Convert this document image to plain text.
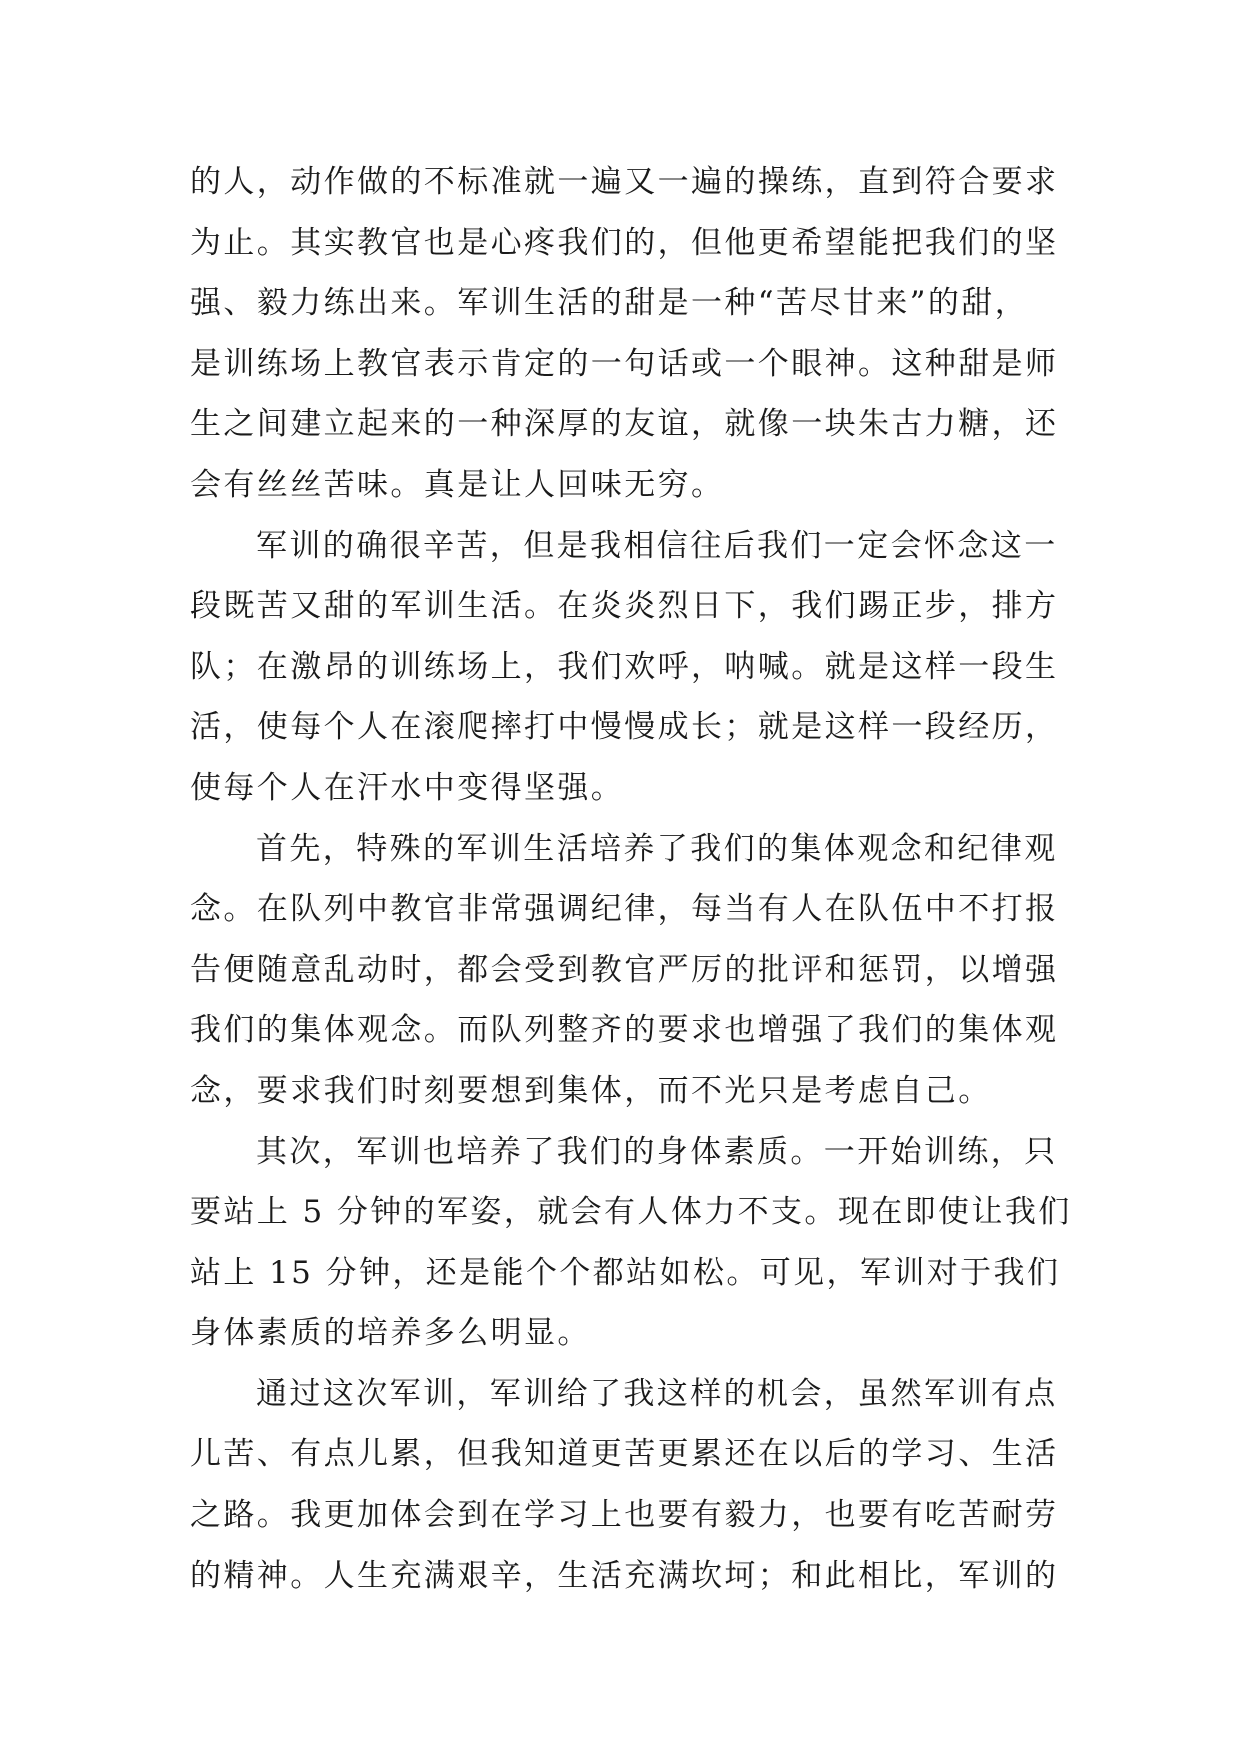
的人，动作做的不标准就一遍又一遍的操练，直到符合要求
为止。其实教官也是心疼我们的，但他更希望能把我们的坚
强、毅力练出来。军训生活的甜是一种“苦尽甘来”的甜，
是训练场上教官表示肯定的一句话或一个眼神。这种甜是师
生之间建立起来的一种深厚的友谊，就像一块朱古力糖，还
会有丝丝苦味。真是让人回味无穷。
军训的确很辛苦，但是我相信往后我们一定会怀念这一
段既苦又甜的军训生活。在炎炎烈日下，我们踢正步，排方
队；在激昂的训练场上，我们欢呼，呐喊。就是这样一段生
活，使每个人在滚爬摔打中慢慢成长；就是这样一段经历，
使每个人在汗水中变得坚强。
首先，特殊的军训生活培养了我们的集体观念和纪律观
念。在队列中教官非常强调纪律，每当有人在队伍中不打报
告便随意乱动时，都会受到教官严厉的批评和惩罚，以增强
我们的集体观念。而队列整齐的要求也增强了我们的集体观
念，要求我们时刻要想到集体，而不光只是考虑自己。
其次，军训也培养了我们的身体素质。一开始训练，只
要站上 5 分钟的军姿，就会有人体力不支。现在即使让我们
站上 15 分钟，还是能个个都站如松。可见，军训对于我们
身体素质的培养多么明显。
通过这次军训，军训给了我这样的机会，虽然军训有点
儿苦、有点儿累，但我知道更苦更累还在以后的学习、生活
之路。我更加体会到在学习上也要有毅力，也要有吃苦耐劳
的精神。人生充满艰辛，生活充满坎坷；和此相比，军训的
